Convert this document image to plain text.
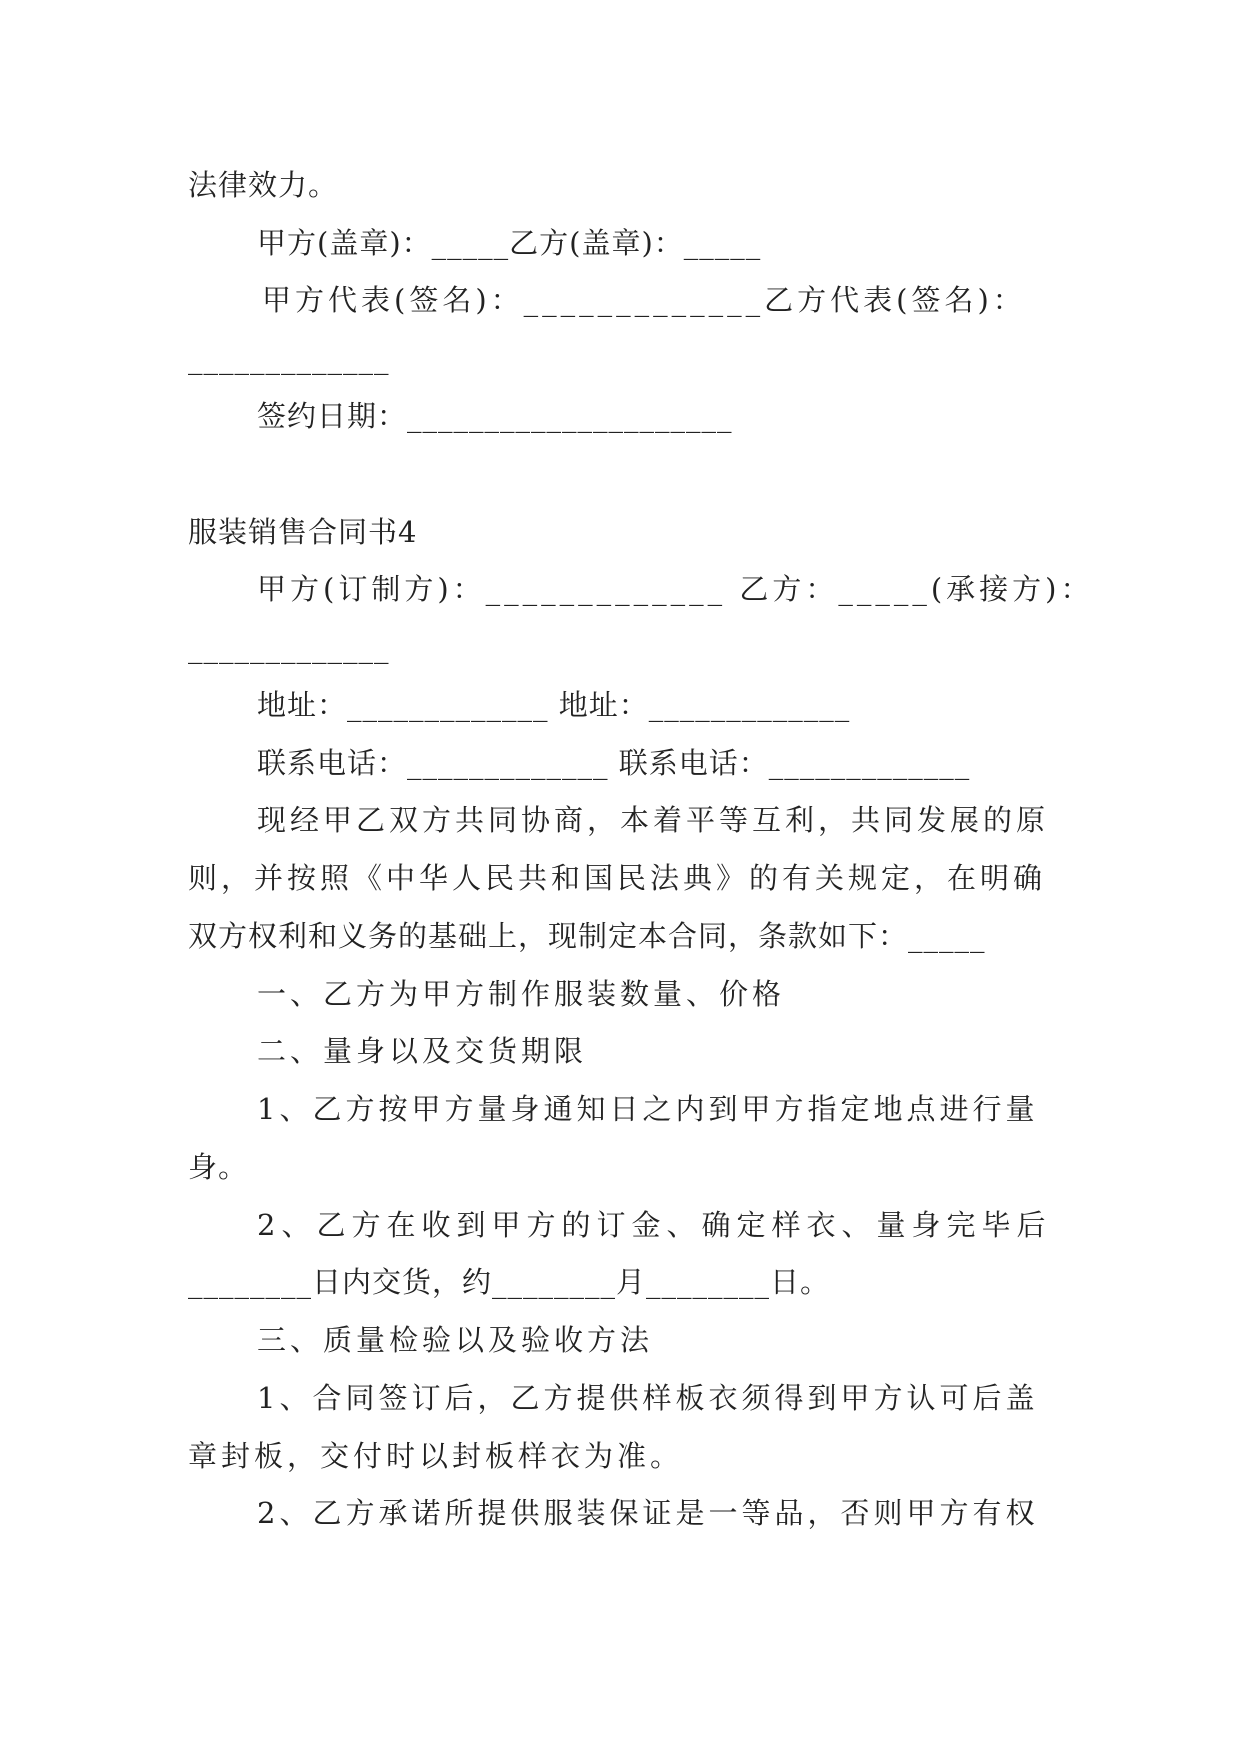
法律效力。
甲方(盖章)：_____乙方(盖章)：_____
甲方代表(签名)：_____________乙方代表(签名)：
_____________
签约日期：_____________________
服装销售合同书4
甲方(订制方)：_____________ 乙方：_____(承接方)：
_____________
地址：_____________ 地址：_____________
联系电话：_____________ 联系电话：_____________
现经甲乙双方共同协商，本着平等互利，共同发展的原
则，并按照《中华人民共和国民法典》的有关规定，在明确
双方权利和义务的基础上，现制定本合同，条款如下：_____
一、乙方为甲方制作服装数量、价格
二、量身以及交货期限
1、乙方按甲方量身通知日之内到甲方指定地点进行量
身。
2、乙方在收到甲方的订金、确定样衣、量身完毕后
________日内交货，约________月________日。
三、质量检验以及验收方法
1、合同签订后，乙方提供样板衣须得到甲方认可后盖
章封板，交付时以封板样衣为准。
2、乙方承诺所提供服装保证是一等品，否则甲方有权
